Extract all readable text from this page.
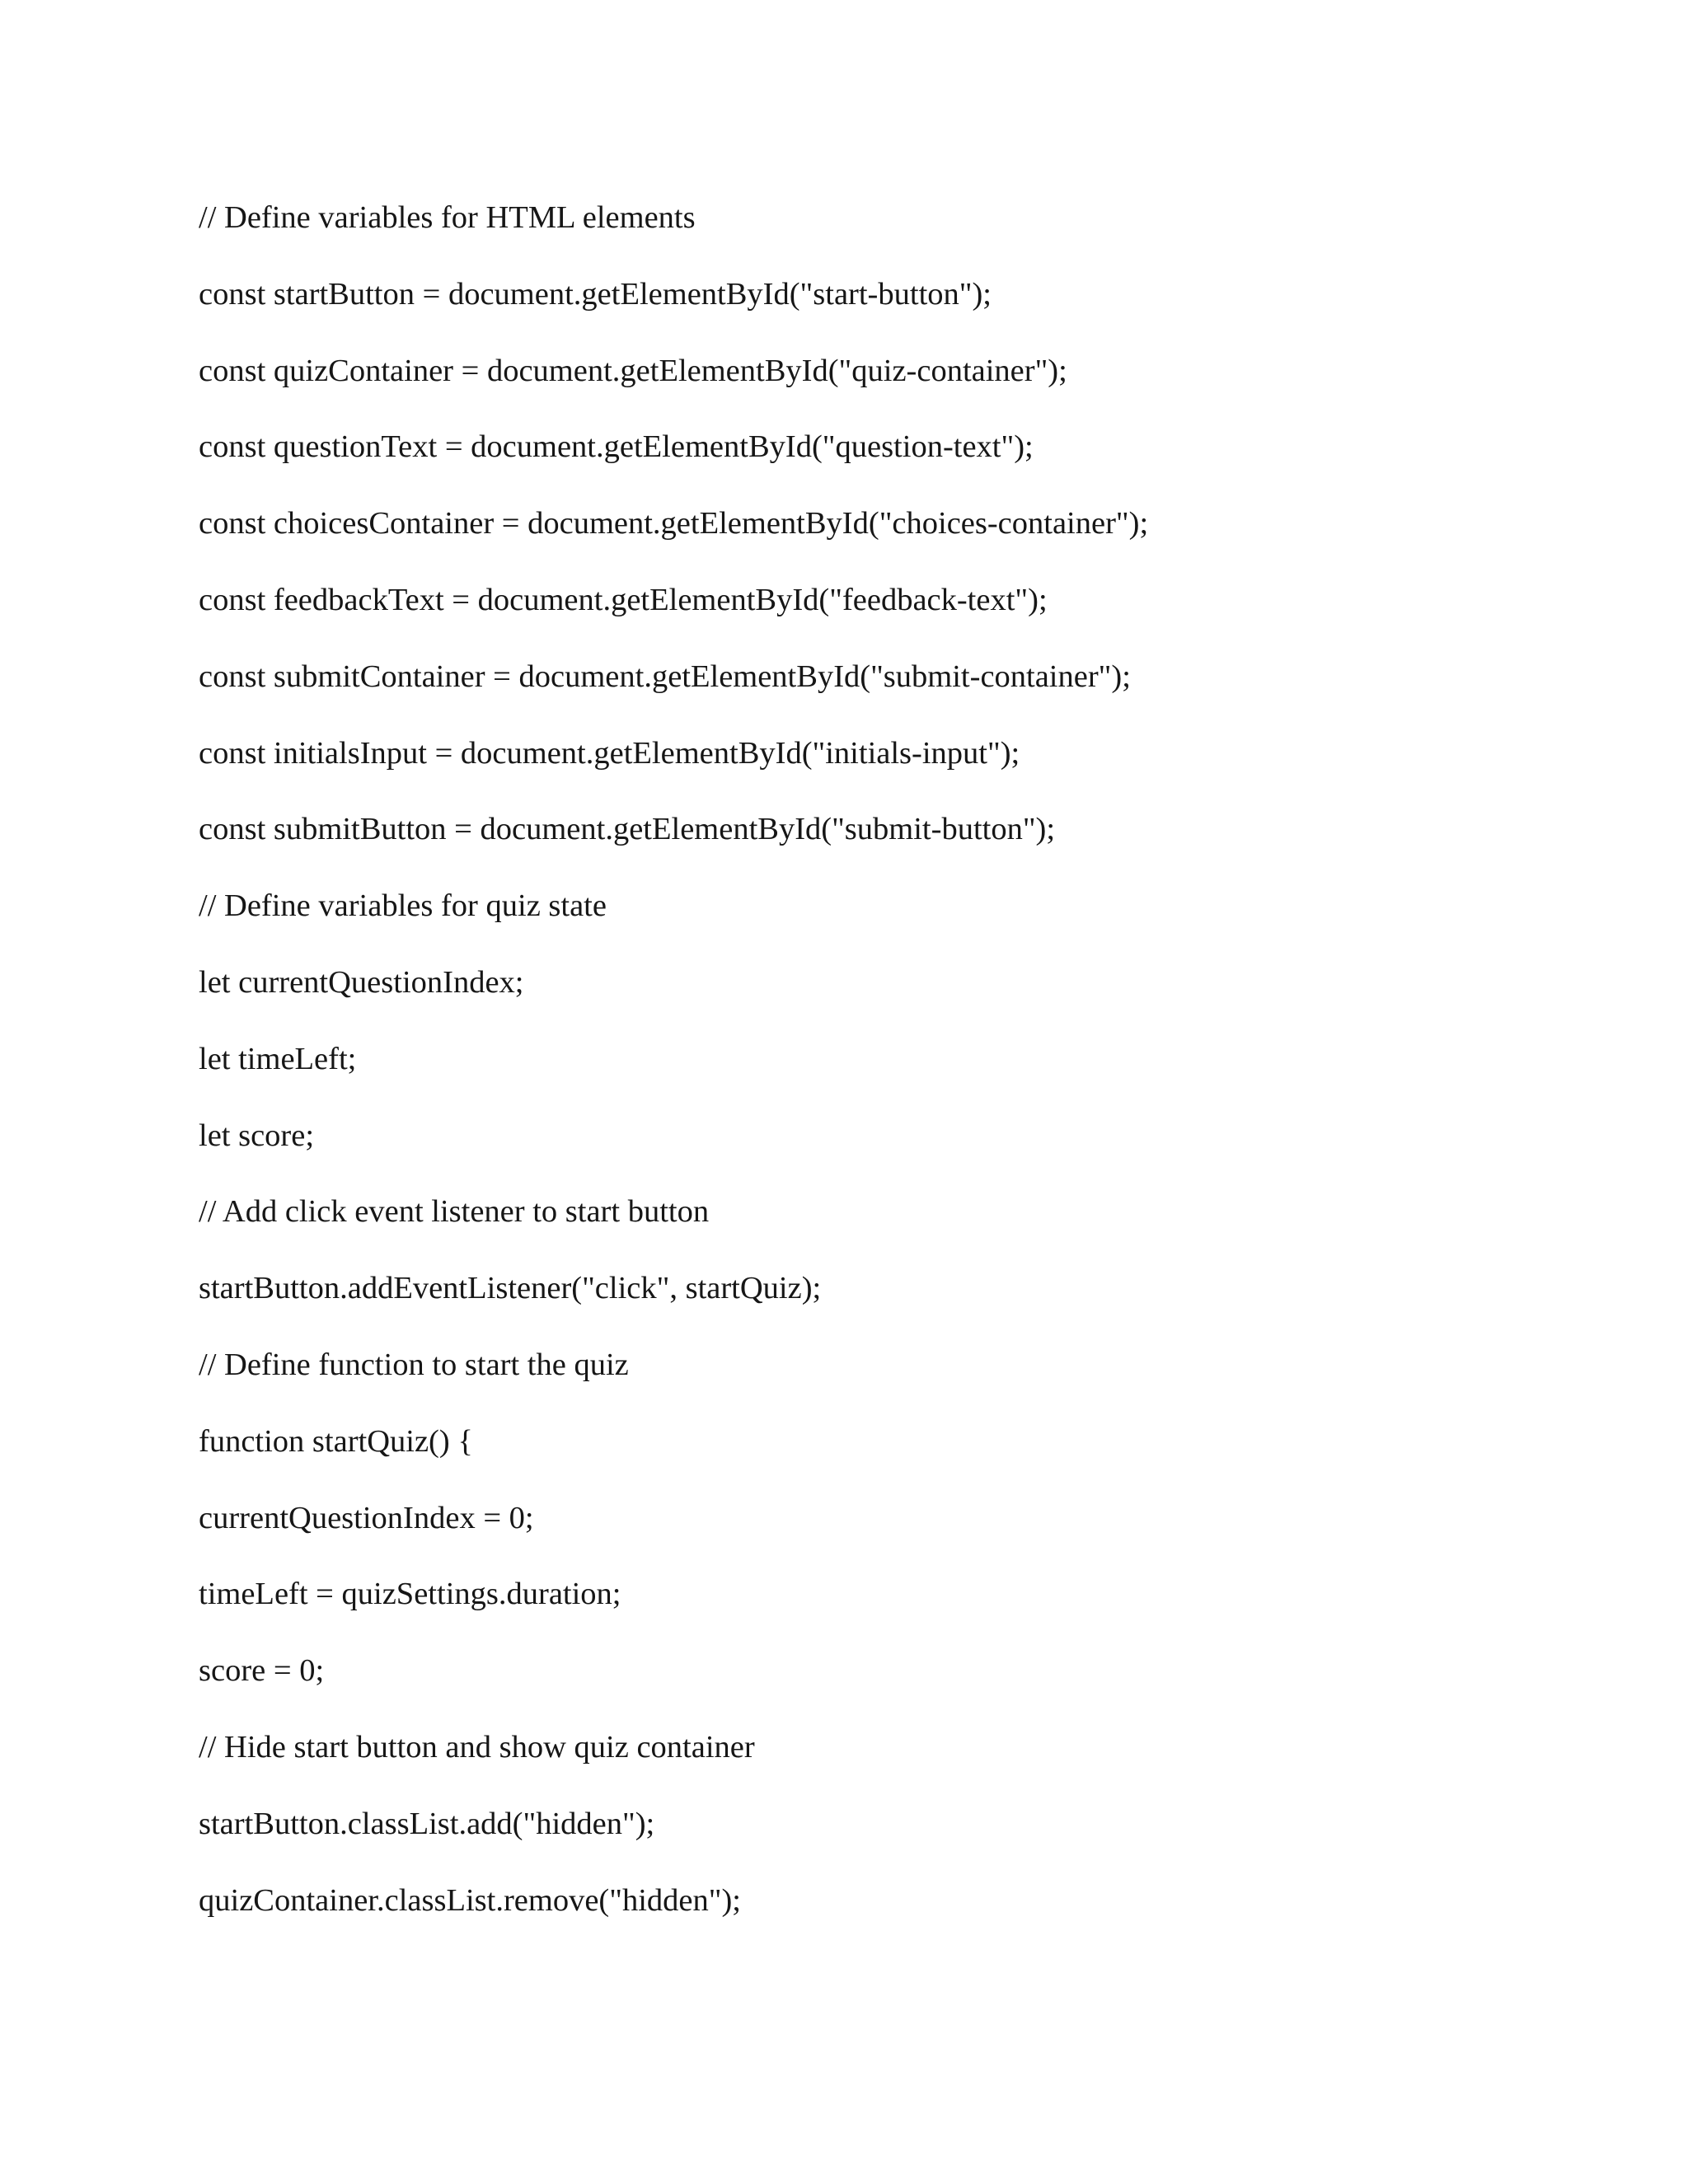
// Define variables for HTML elements
const startButton = document.getElementById("start-button");
const quizContainer = document.getElementById("quiz-container");
const questionText = document.getElementById("question-text");
const choicesContainer = document.getElementById("choices-container");
const feedbackText = document.getElementById("feedback-text");
const submitContainer = document.getElementById("submit-container");
const initialsInput = document.getElementById("initials-input");
const submitButton = document.getElementById("submit-button");
// Define variables for quiz state
let currentQuestionIndex;
let timeLeft;
let score;
// Add click event listener to start button
startButton.addEventListener("click", startQuiz);
// Define function to start the quiz
function startQuiz() {
currentQuestionIndex = 0;
timeLeft = quizSettings.duration;
score = 0;
// Hide start button and show quiz container
startButton.classList.add("hidden");
quizContainer.classList.remove("hidden");
